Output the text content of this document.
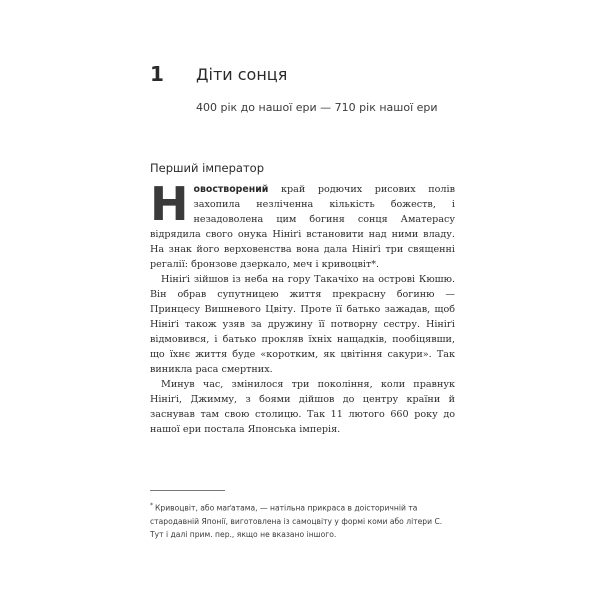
1 Діти сонця
400 рік до нашої ери — 710 рік нашої ери
Перший імператор

Новостворений край родючих рисових полів захопила незліченна кількість божеств, і незадоволена цим богиня сонця Аматерасу відрядила свого онука Нініґі встановити над ними владу. На знак його верховенства вона дала Нініґі три священні регалії: бронзове дзеркало, меч і кривоцвіт*.

Нініґі зійшов із неба на гору Такачіхо на острові Кюшю. Він обрав супутницею життя прекрасну богиню — Принцесу Вишневого Цвіту. Проте її батько зажадав, щоб Нініґі також узяв за дружину її потворну сестру. Нініґі відмовився, і батько прокляв їхніх нащадків, пообіцявши, що їхнє життя буде «коротким, як цвітіння сакури». Так виникла раса смертних.

Минув час, змінилося три покоління, коли правнук Нініґі, Джимму, з боями дійшов до центру країни й заснував там свою столицю. Так 11 лютого 660 року до нашої ери постала Японська імперія.

* Кривоцвіт, або маґатама, — натільна прикраса в доісторичній та стародавній Японії, виготовлена із самоцвіту у формі коми або літери С. Тут і далі прим. пер., якщо не вказано іншого.
